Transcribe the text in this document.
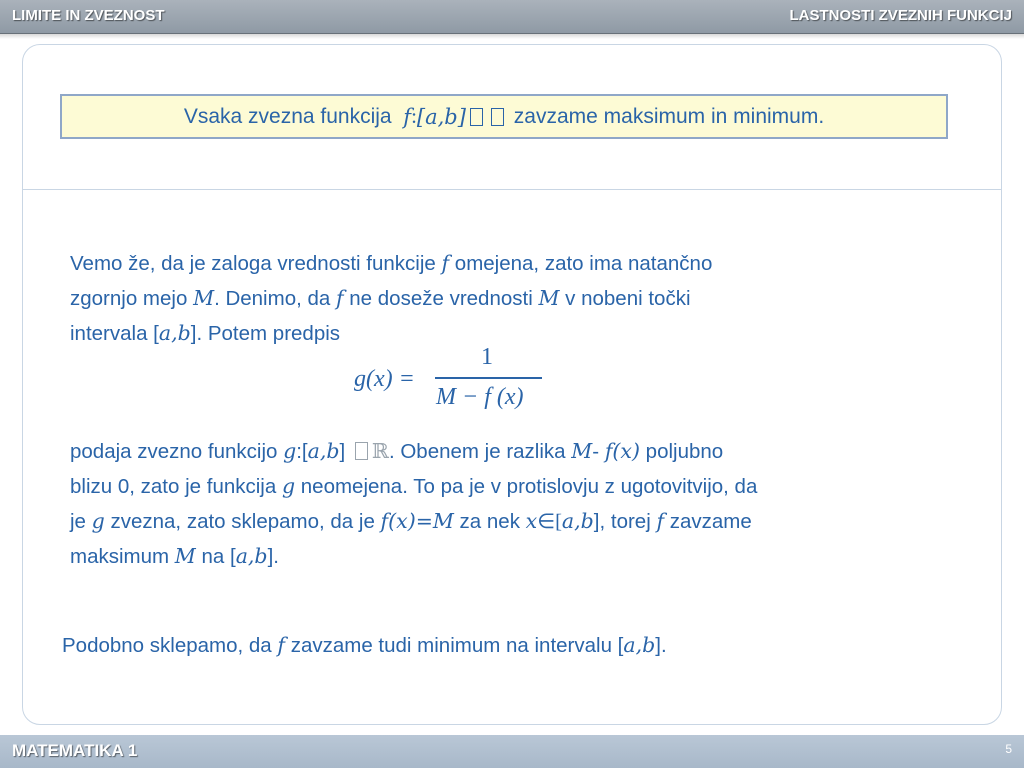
LIMITE IN ZVEZNOST	LASTNOSTI ZVEZNIH FUNKCIJ
Vsaka zvezna funkcija
f : [a,b]
zavzame maksimum in minimum.
Vemo že, da je zaloga vrednosti funkcije f omejena, zato ima natančno
zgornjo mejo M. Denimo, da f ne doseže vrednosti M v nobeni točki
intervala [a,b]. Potem predpis
g(x) =
1
M − f (x)
podaja zvezno funkcijo g:[a,b] ℝ. Obenem je razlika M- f(x) poljubno
blizu 0, zato je funkcija g neomejena. To pa je v protislovju z ugotovitvijo, da
je g zvezna, zato sklepamo, da je f(x)=M za nek x∈[a,b], torej f zavzame
maksimum M na [a,b].
Podobno sklepamo, da f zavzame tudi minimum na intervalu [a,b].
MATEMATIKA 1	5
